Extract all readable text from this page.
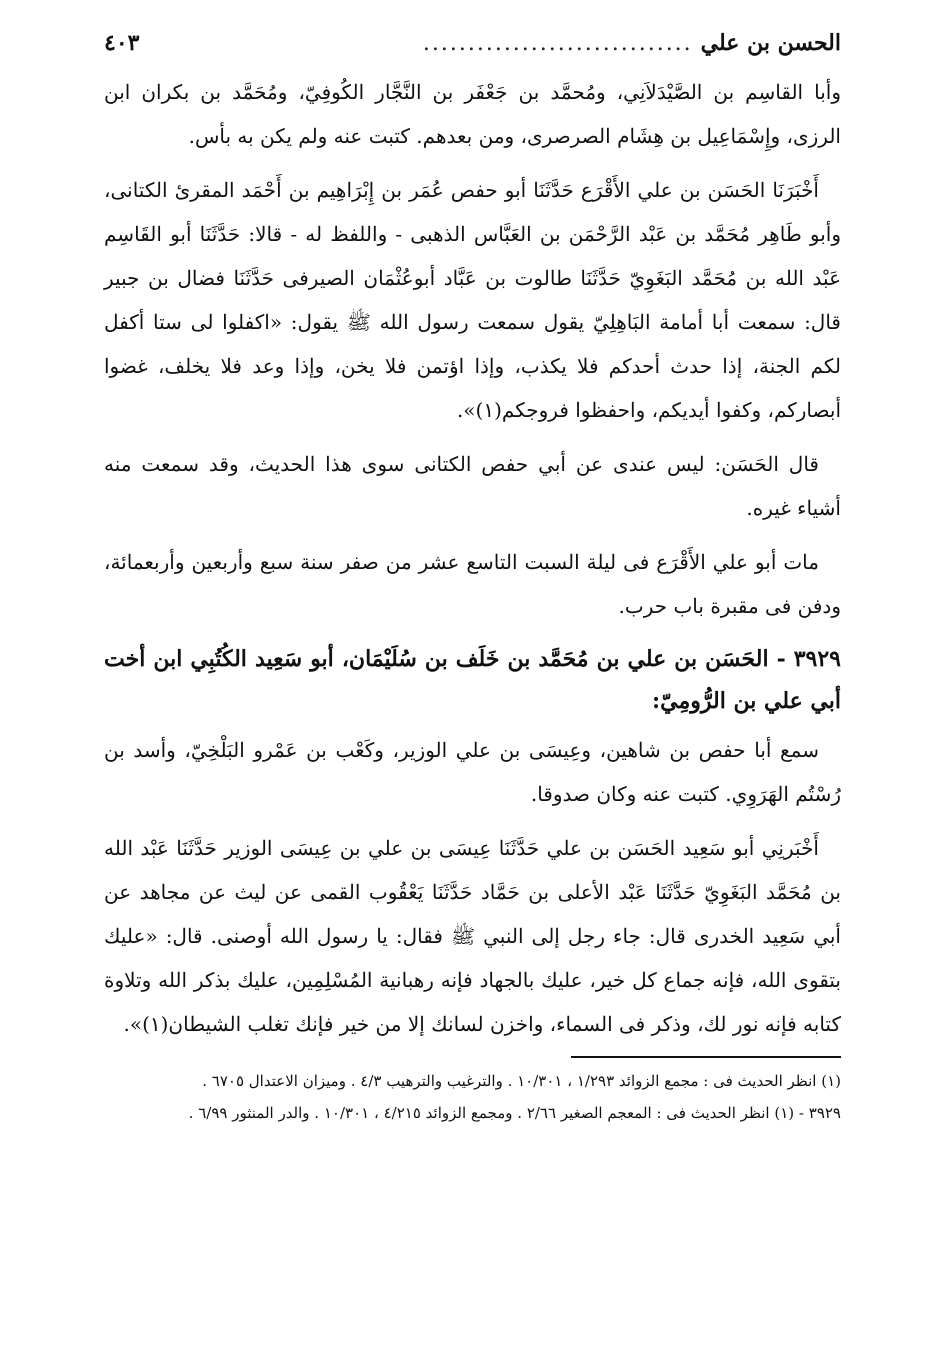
الحسن بن علي
..............................
٤٠٣

وأبا القاسِم بن الصَّيْدَلاَنِي، ومُحمَّد بن جَعْفَر بن النَّجَّار الكُوفِيّ، ومُحَمَّد بن بكران ابن الرزى، وإِسْمَاعِيل بن هِشَام الصرصرى، ومن بعدهم. كتبت عنه ولم يكن به بأس.

أَخْبَرَنَا الحَسَن بن علي الأَقْرَع حَدَّثَنَا أبو حفص عُمَر بن إِبْرَاهِيم بن أَحْمَد المقرئ الكتانى، وأبو طَاهِر مُحَمَّد بن عَبْد الرَّحْمَن بن العَبَّاس الذهبى - واللفظ له - قالا: حَدَّثَنَا أبو القَاسِم عَبْد الله بن مُحَمَّد البَغَوِيّ حَدَّثَنَا طالوت بن عَبَّاد أبوعُثْمَان الصيرفى حَدَّثَنَا فضال بن جبير قال: سمعت أبا أمامة البَاهِلِيّ يقول سمعت رسول الله ﷺ يقول: «اكفلوا لى ستا أكفل لكم الجنة، إذا حدث أحدكم فلا يكذب، وإذا اؤتمن فلا يخن، وإذا وعد فلا يخلف، غضوا أبصاركم، وكفوا أيديكم، واحفظوا فروجكم(١)».

قال الحَسَن: ليس عندى عن أبي حفص الكتانى سوى هذا الحديث، وقد سمعت منه أشياء غيره.

مات أبو علي الأَقْرَع فى ليلة السبت التاسع عشر من صفر سنة سبع وأربعين وأربعمائة، ودفن فى مقبرة باب حرب.

٣٩٢٩ - الحَسَن بن علي بن مُحَمَّد بن خَلَف بن سُلَيْمَان، أبو سَعِيد الكُتُبِي ابن أخت أبي علي بن الرُّومِيّ:

سمع أبا حفص بن شاهين، وعِيسَى بن علي الوزير، وكَعْب بن عَمْرو البَلْخِيّ، وأسد بن رُسْتُم الهَرَوِي. كتبت عنه وكان صدوقا.

أَخْبَرنِي أبو سَعِيد الحَسَن بن علي حَدَّثَنَا عِيسَى بن علي بن عِيسَى الوزير حَدَّثَنَا عَبْد الله بن مُحَمَّد البَغَوِيّ حَدَّثَنَا عَبْد الأعلى بن حَمَّاد حَدَّثَنَا يَعْقُوب القمى عن ليث عن مجاهد عن أبي سَعِيد الخدرى قال: جاء رجل إلى النبي ﷺ فقال: يا رسول الله أوصنى. قال: «عليك بتقوى الله، فإنه جماع كل خير، عليك بالجهاد فإنه رهبانية المُسْلِمِين، عليك بذكر الله وتلاوة كتابه فإنه نور لك، وذكر فى السماء، واخزن لسانك إلا من خير فإنك تغلب الشيطان(١)».

(١) انظر الحديث فى : مجمع الزوائد ١/٢٩٣ ، ١٠/٣٠١ . والترغيب والترهيب ٤/٣ . وميزان الاعتدال ٦٧٠٥ .
٣٩٢٩ - (١) انظر الحديث فى : المعجم الصغير ٢/٦٦ . ومجمع الزوائد ٤/٢١٥ ، ١٠/٣٠١ . والدر المنثور ٦/٩٩ .
